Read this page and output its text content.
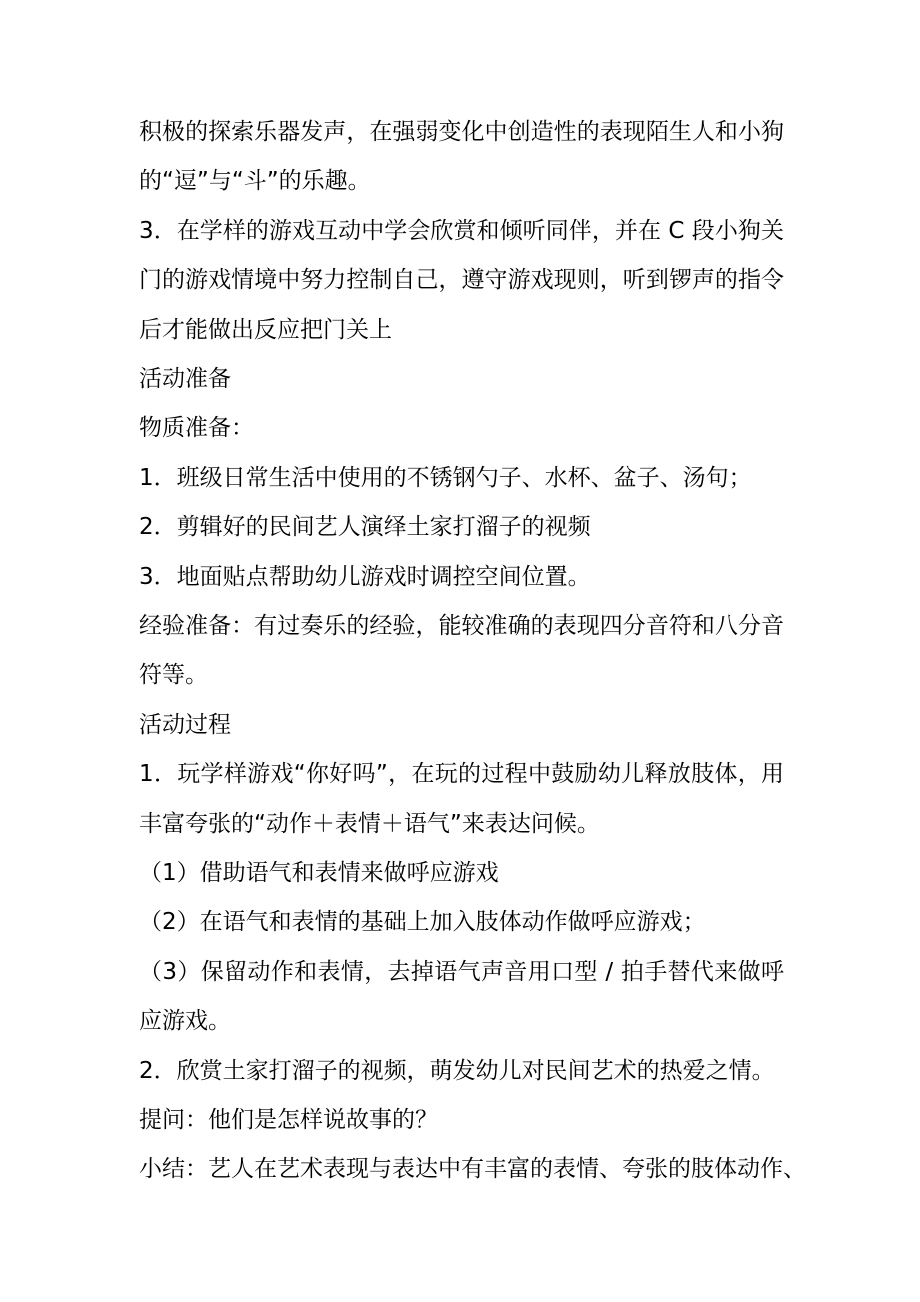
积极的探索乐器发声，在强弱变化中创造性的表现陌生人和小狗
的“逗”与“斗”的乐趣。
3．在学样的游戏互动中学会欣赏和倾听同伴，并在 C 段小狗关
门的游戏情境中努力控制自己，遵守游戏现则，听到锣声的指令
后才能做出反应把门关上
活动准备
物质准备：
1．班级日常生活中使用的不锈钢勺子、水杯、盆子、汤句；
2．剪辑好的民间艺人演绎土家打溜子的视频
3．地面贴点帮助幼儿游戏时调控空间位置。
经验准备：有过奏乐的经验，能较准确的表现四分音符和八分音
符等。
活动过程
1．玩学样游戏“你好吗”，在玩的过程中鼓励幼儿释放肢体，用
丰富夸张的“动作＋表情＋语气”来表达问候。
（1）借助语气和表情来做呼应游戏
（2）在语气和表情的基础上加入肢体动作做呼应游戏；
（3）保留动作和表情，去掉语气声音用口型 / 拍手替代来做呼
应游戏。
2．欣赏土家打溜子的视频，萌发幼儿对民间艺术的热爱之情。
提问：他们是怎样说故事的？
小结：艺人在艺术表现与表达中有丰富的表情、夸张的肢体动作、
